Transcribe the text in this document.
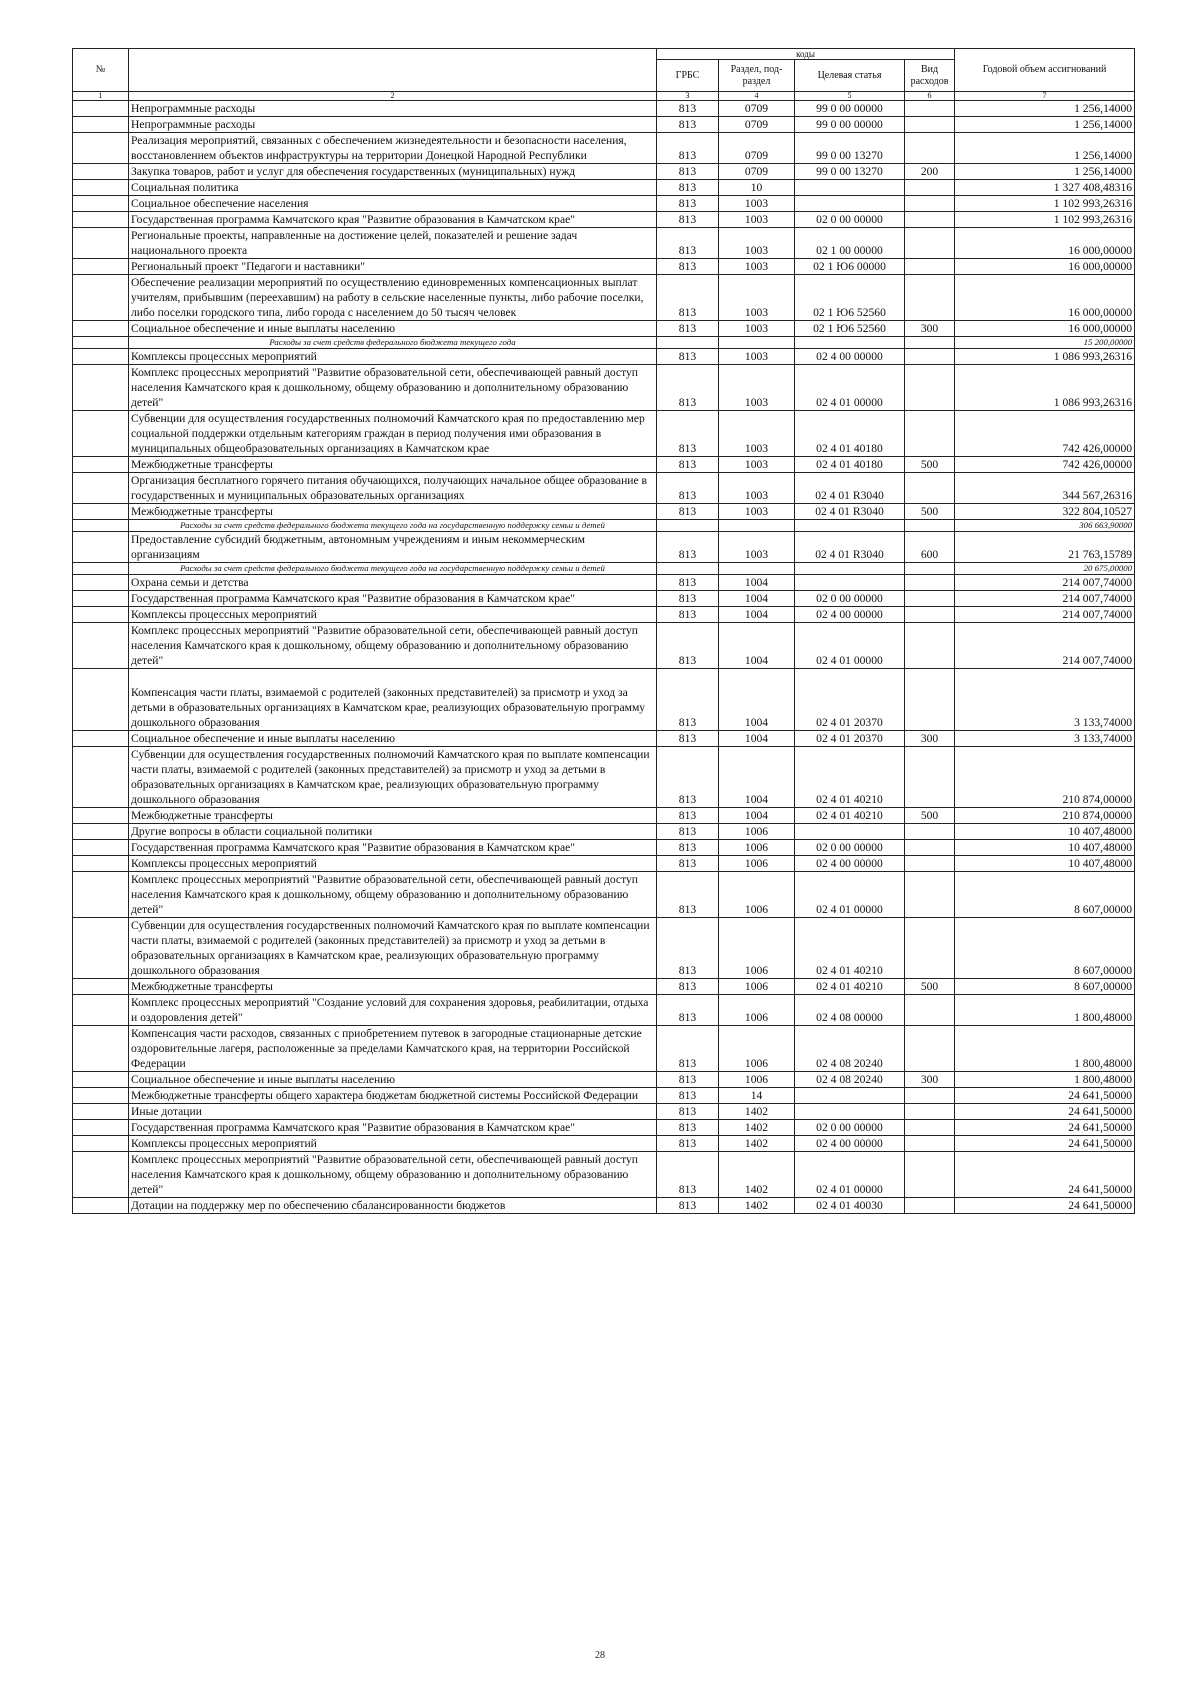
№		коды				Годовой объем ассигнований
		ГРБС	Раздел, под-раздел	Целевая статья	Вид расходов	
1	2	3	4	5	6	7
	Непрограммные расходы	813	0709	99 0 00 00000		1 256,14000
	Непрограммные расходы	813	0709	99 0 00 00000		1 256,14000
	Реализация мероприятий, связанных с обеспечением жизнедеятельности и безопасности населения, восстановлением объектов инфраструктуры на территории Донецкой Народной Республики	813	0709	99 0 00 13270		1 256,14000
	Закупка товаров, работ и услуг для обеспечения государственных (муниципальных) нужд	813	0709	99 0 00 13270	200	1 256,14000
	Социальная политика	813	10			1 327 408,48316
	Социальное обеспечение населения	813	1003			1 102 993,26316
	Государственная программа Камчатского края "Развитие образования в Камчатском крае"	813	1003	02 0 00 00000		1 102 993,26316
	Региональные проекты, направленные на достижение целей, показателей и решение задач национального проекта	813	1003	02 1 00 00000		16 000,00000
	Региональный проект "Педагоги и наставники"	813	1003	02 1 Ю6 00000		16 000,00000
	Обеспечение реализации мероприятий по осуществлению единовременных компенсационных выплат учителям, прибывшим (переехавшим) на работу в сельские населенные пункты, либо рабочие поселки, либо поселки городского типа, либо города с населением до 50 тысяч человек	813	1003	02 1 Ю6 52560		16 000,00000
	Социальное обеспечение и иные выплаты населению	813	1003	02 1 Ю6 52560	300	16 000,00000
	Расходы за счет средств федерального бюджета текущего года					15 200,00000
	Комплексы процессных мероприятий	813	1003	02 4 00 00000		1 086 993,26316
	Комплекс процессных мероприятий "Развитие образовательной сети, обеспечивающей равный доступ населения Камчатского края к дошкольному, общему образованию и дополнительному образованию детей"	813	1003	02 4 01 00000		1 086 993,26316
	Субвенции для осуществления государственных полномочий Камчатского края по предоставлению мер социальной поддержки отдельным категориям граждан в период получения ими образования в муниципальных общеобразовательных организациях в Камчатском крае	813	1003	02 4 01 40180		742 426,00000
	Межбюджетные трансферты	813	1003	02 4 01 40180	500	742 426,00000
	Организация бесплатного горячего питания обучающихся, получающих начальное общее образование в государственных и муниципальных образовательных организациях	813	1003	02 4 01 R3040		344 567,26316
	Межбюджетные трансферты	813	1003	02 4 01 R3040	500	322 804,10527
	Расходы за счет средств федерального бюджета текущего года на государственную поддержку семьи и детей					306 663,90000
	Предоставление субсидий бюджетным, автономным учреждениям и иным некоммерческим организациям	813	1003	02 4 01 R3040	600	21 763,15789
	Расходы за счет средств федерального бюджета текущего года на государственную поддержку семьи и детей					20 675,00000
	Охрана семьи и детства	813	1004			214 007,74000
	Государственная программа Камчатского края "Развитие образования в Камчатском крае"	813	1004	02 0 00 00000		214 007,74000
	Комплексы процессных мероприятий	813	1004	02 4 00 00000		214 007,74000
	Комплекс процессных мероприятий "Развитие образовательной сети, обеспечивающей равный доступ населения Камчатского края к дошкольному, общему образованию и дополнительному образованию детей"	813	1004	02 4 01 00000		214 007,74000
	Компенсация части платы, взимаемой с родителей (законных представителей) за присмотр и уход за детьми в образовательных организациях в Камчатском крае, реализующих образовательную программу дошкольного образования	813	1004	02 4 01 20370		3 133,74000
	Социальное обеспечение и иные выплаты населению	813	1004	02 4 01 20370	300	3 133,74000
	Субвенции для осуществления государственных полномочий Камчатского края по выплате компенсации части платы, взимаемой с родителей (законных представителей) за присмотр и уход за детьми в образовательных организациях в Камчатском крае, реализующих образовательную программу дошкольного образования	813	1004	02 4 01 40210		210 874,00000
	Межбюджетные трансферты	813	1004	02 4 01 40210	500	210 874,00000
	Другие вопросы в области социальной политики	813	1006			10 407,48000
	Государственная программа Камчатского края "Развитие образования в Камчатском крае"	813	1006	02 0 00 00000		10 407,48000
	Комплексы процессных мероприятий	813	1006	02 4 00 00000		10 407,48000
	Комплекс процессных мероприятий "Развитие образовательной сети, обеспечивающей равный доступ населения Камчатского края к дошкольному, общему образованию и дополнительному образованию детей"	813	1006	02 4 01 00000		8 607,00000
	Субвенции для осуществления государственных полномочий Камчатского края по выплате компенсации части платы, взимаемой с родителей (законных представителей) за присмотр и уход за детьми в образовательных организациях в Камчатском крае, реализующих образовательную программу дошкольного образования	813	1006	02 4 01 40210		8 607,00000
	Межбюджетные трансферты	813	1006	02 4 01 40210	500	8 607,00000
	Комплекс процессных мероприятий "Создание условий для сохранения здоровья, реабилитации, отдыха и оздоровления детей"	813	1006	02 4 08 00000		1 800,48000
	Компенсация части расходов, связанных с приобретением путевок в загородные стационарные детские оздоровительные лагеря, расположенные за пределами Камчатского края, на территории Российской Федерации	813	1006	02 4 08 20240		1 800,48000
	Социальное обеспечение и иные выплаты населению	813	1006	02 4 08 20240	300	1 800,48000
	Межбюджетные трансферты общего характера бюджетам бюджетной системы Российской Федерации	813	14			24 641,50000
	Иные дотации	813	1402			24 641,50000
	Государственная программа Камчатского края "Развитие образования в Камчатском крае"	813	1402	02 0 00 00000		24 641,50000
	Комплексы процессных мероприятий	813	1402	02 4 00 00000		24 641,50000
	Комплекс процессных мероприятий "Развитие образовательной сети, обеспечивающей равный доступ населения Камчатского края к дошкольному, общему образованию и дополнительному образованию детей"	813	1402	02 4 01 00000		24 641,50000
	Дотации на поддержку мер по обеспечению сбалансированности бюджетов	813	1402	02 4 01 40030		24 641,50000
28
